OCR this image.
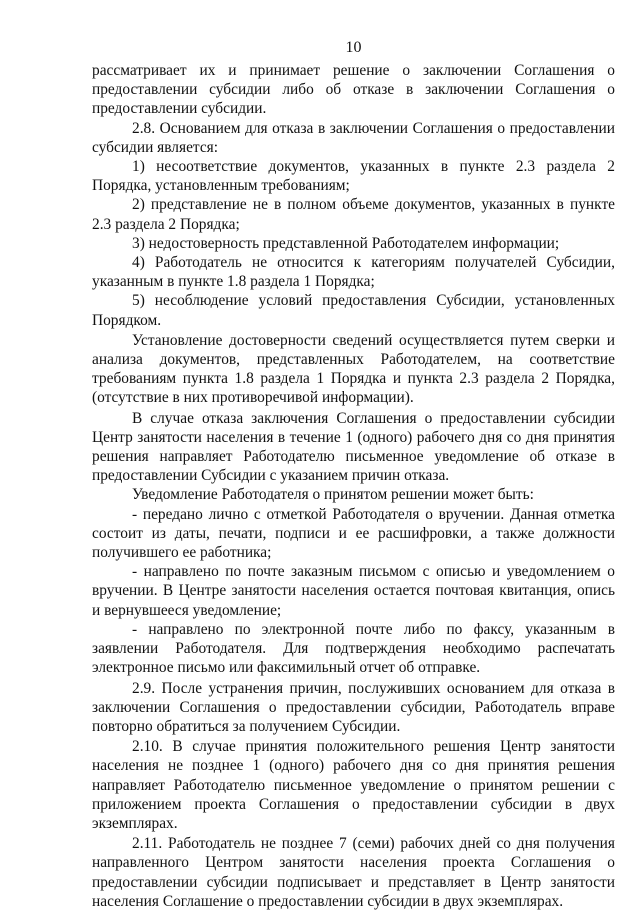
10

рассматривает их и принимает решение о заключении Соглашения о предоставлении субсидии либо об отказе в заключении Соглашения о предоставлении субсидии.

2.8. Основанием для отказа в заключении Соглашения о предоставлении субсидии является:

1) несоответствие документов, указанных в пункте 2.3 раздела 2 Порядка, установленным требованиям;

2) представление не в полном объеме документов, указанных в пункте 2.3 раздела 2 Порядка;

3) недостоверность представленной Работодателем информации;

4) Работодатель не относится к категориям получателей Субсидии, указанным в пункте 1.8 раздела 1 Порядка;

5) несоблюдение условий предоставления Субсидии, установленных Порядком.

Установление достоверности сведений осуществляется путем сверки и анализа документов, представленных Работодателем, на соответствие требованиям пункта 1.8 раздела 1 Порядка и пункта 2.3 раздела 2 Порядка, (отсутствие в них противоречивой информации).

В случае отказа заключения Соглашения о предоставлении субсидии Центр занятости населения в течение 1 (одного) рабочего дня со дня принятия решения направляет Работодателю письменное уведомление об отказе в предоставлении Субсидии с указанием причин отказа.

Уведомление Работодателя о принятом решении может быть:

- передано лично с отметкой Работодателя о вручении. Данная отметка состоит из даты, печати, подписи и ее расшифровки, а также должности получившего ее работника;

- направлено по почте заказным письмом с описью и уведомлением о вручении. В Центре занятости населения остается почтовая квитанция, опись и вернувшееся уведомление;

- направлено по электронной почте либо по факсу, указанным в заявлении Работодателя. Для подтверждения необходимо распечатать электронное письмо или факсимильный отчет об отправке.

2.9. После устранения причин, послуживших основанием для отказа в заключении Соглашения о предоставлении субсидии, Работодатель вправе повторно обратиться за получением Субсидии.

2.10. В случае принятия положительного решения Центр занятости населения не позднее 1 (одного) рабочего дня со дня принятия решения направляет Работодателю письменное уведомление о принятом решении с приложением проекта Соглашения о предоставлении субсидии в двух экземплярах.

2.11. Работодатель не позднее 7 (семи) рабочих дней со дня получения направленного Центром занятости населения проекта Соглашения о предоставлении субсидии подписывает и представляет в Центр занятости населения Соглашение о предоставлении субсидии в двух экземплярах.
